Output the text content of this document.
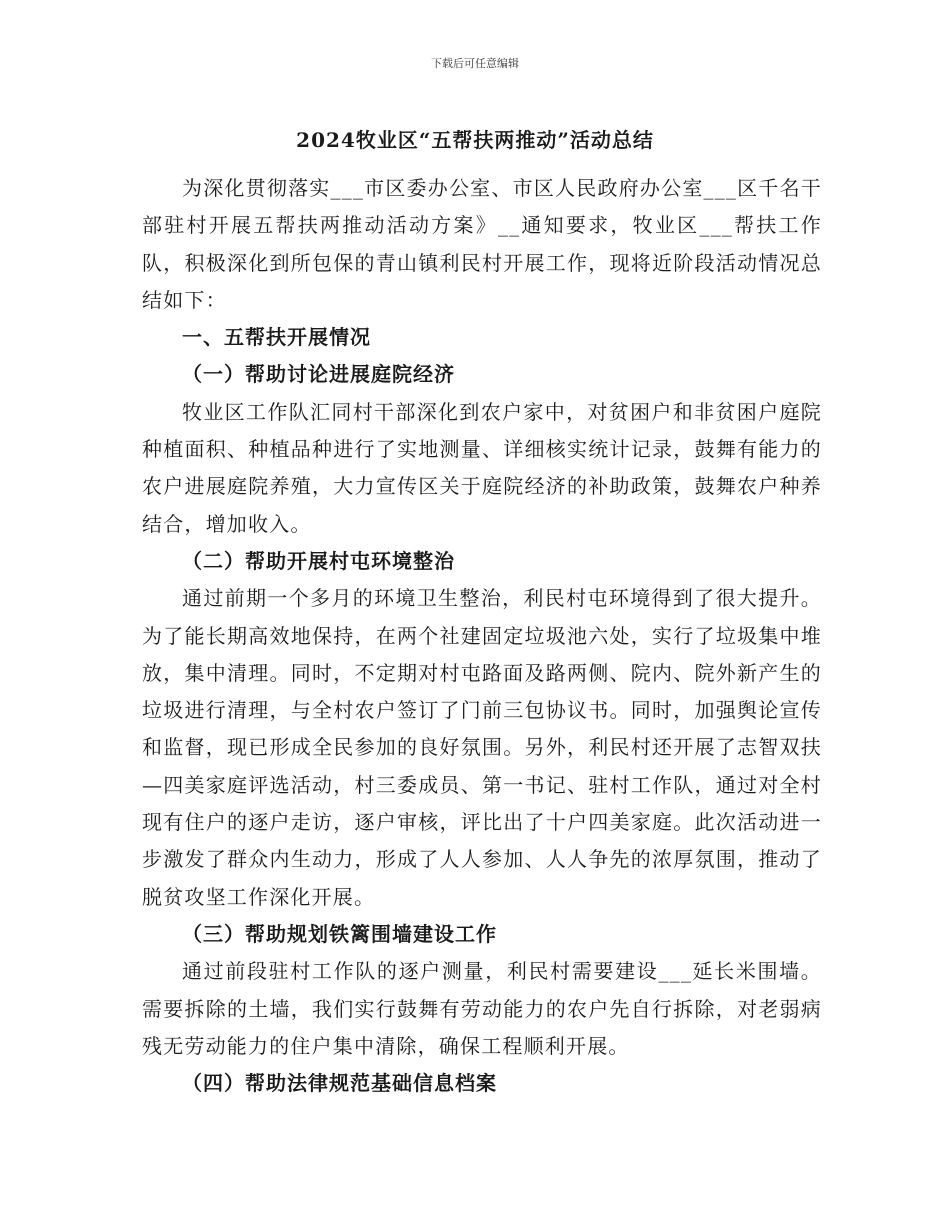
下载后可任意编辑
2024牧业区“五帮扶两推动”活动总结

为深化贯彻落实___市区委办公室、市区人民政府办公室___区千名干部驻村开展五帮扶两推动活动方案》__通知要求，牧业区___帮扶工作队，积极深化到所包保的青山镇利民村开展工作，现将近阶段活动情况总结如下：

一、五帮扶开展情况

（一）帮助讨论进展庭院经济

牧业区工作队汇同村干部深化到农户家中，对贫困户和非贫困户庭院种植面积、种植品种进行了实地测量、详细核实统计记录，鼓舞有能力的农户进展庭院养殖，大力宣传区关于庭院经济的补助政策，鼓舞农户种养结合，增加收入。

（二）帮助开展村屯环境整治

通过前期一个多月的环境卫生整治，利民村屯环境得到了很大提升。为了能长期高效地保持，在两个社建固定垃圾池六处，实行了垃圾集中堆放，集中清理。同时，不定期对村屯路面及路两侧、院内、院外新产生的垃圾进行清理，与全村农户签订了门前三包协议书。同时，加强舆论宣传和监督，现已形成全民参加的良好氛围。另外，利民村还开展了志智双扶—四美家庭评选活动，村三委成员、第一书记、驻村工作队，通过对全村现有住户的逐户走访，逐户审核，评比出了十户四美家庭。此次活动进一步激发了群众内生动力，形成了人人参加、人人争先的浓厚氛围，推动了脱贫攻坚工作深化开展。

（三）帮助规划铁篱围墙建设工作

通过前段驻村工作队的逐户测量，利民村需要建设___延长米围墙。需要拆除的土墙，我们实行鼓舞有劳动能力的农户先自行拆除，对老弱病残无劳动能力的住户集中清除，确保工程顺利开展。

（四）帮助法律规范基础信息档案
